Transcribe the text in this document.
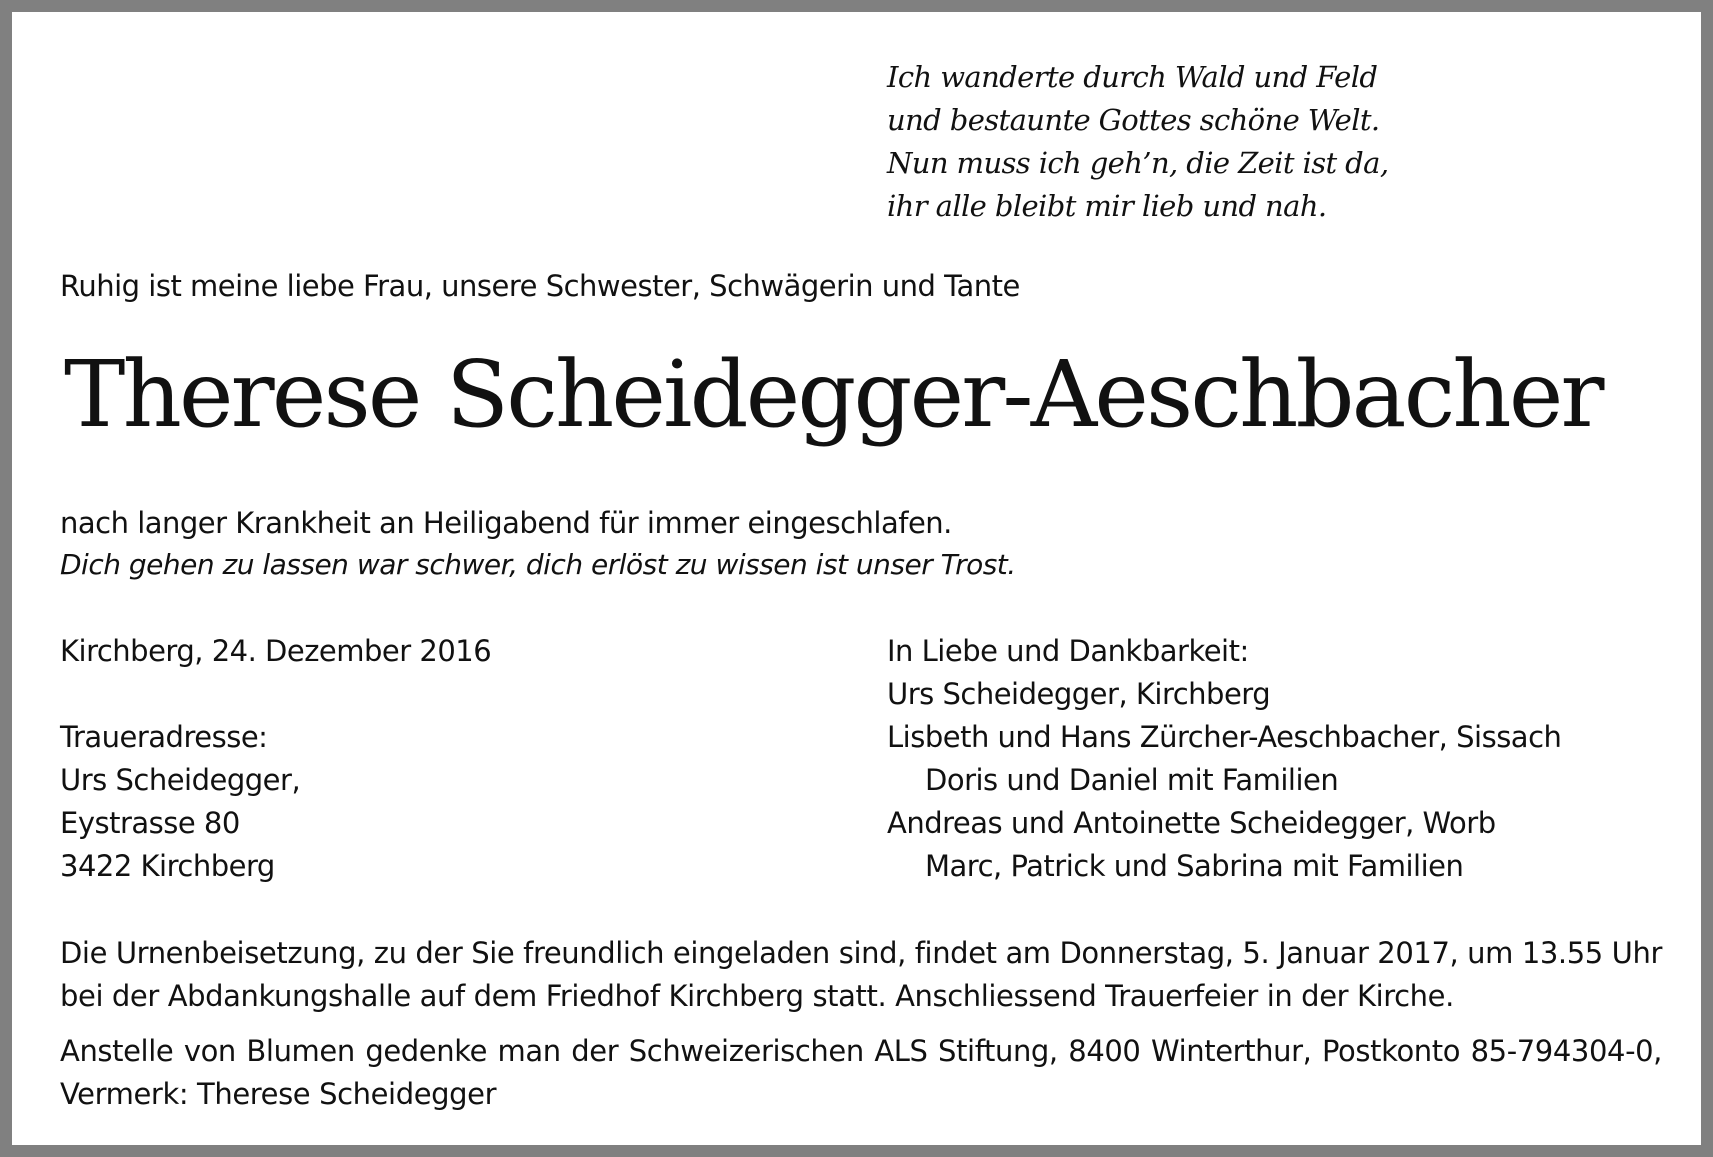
Ich wanderte durch Wald und Feld
und bestaunte Gottes schöne Welt.
Nun muss ich geh’n, die Zeit ist da,
ihr alle bleibt mir lieb und nah.
Ruhig ist meine liebe Frau, unsere Schwester, Schwägerin und Tante
Therese Scheidegger-Aeschbacher
nach langer Krankheit an Heiligabend für immer eingeschlafen.
Dich gehen zu lassen war schwer, dich erlöst zu wissen ist unser Trost.
Kirchberg, 24. Dezember 2016
Traueradresse:
Urs Scheidegger,
Eystrasse 80
3422 Kirchberg
In Liebe und Dankbarkeit:
Urs Scheidegger, Kirchberg
Lisbeth und Hans Zürcher-Aeschbacher, Sissach
Doris und Daniel mit Familien
Andreas und Antoinette Scheidegger, Worb
Marc, Patrick und Sabrina mit Familien
Die Urnenbeisetzung, zu der Sie freundlich eingeladen sind, findet am Donnerstag, 5. Januar 2017, um 13.55 Uhr bei der Abdankungshalle auf dem Friedhof Kirchberg statt. Anschliessend Trauerfeier in der Kirche.
Anstelle von Blumen gedenke man der Schweizerischen ALS Stiftung, 8400 Winterthur, Postkonto 85-794304-0, Vermerk: Therese Scheidegger
